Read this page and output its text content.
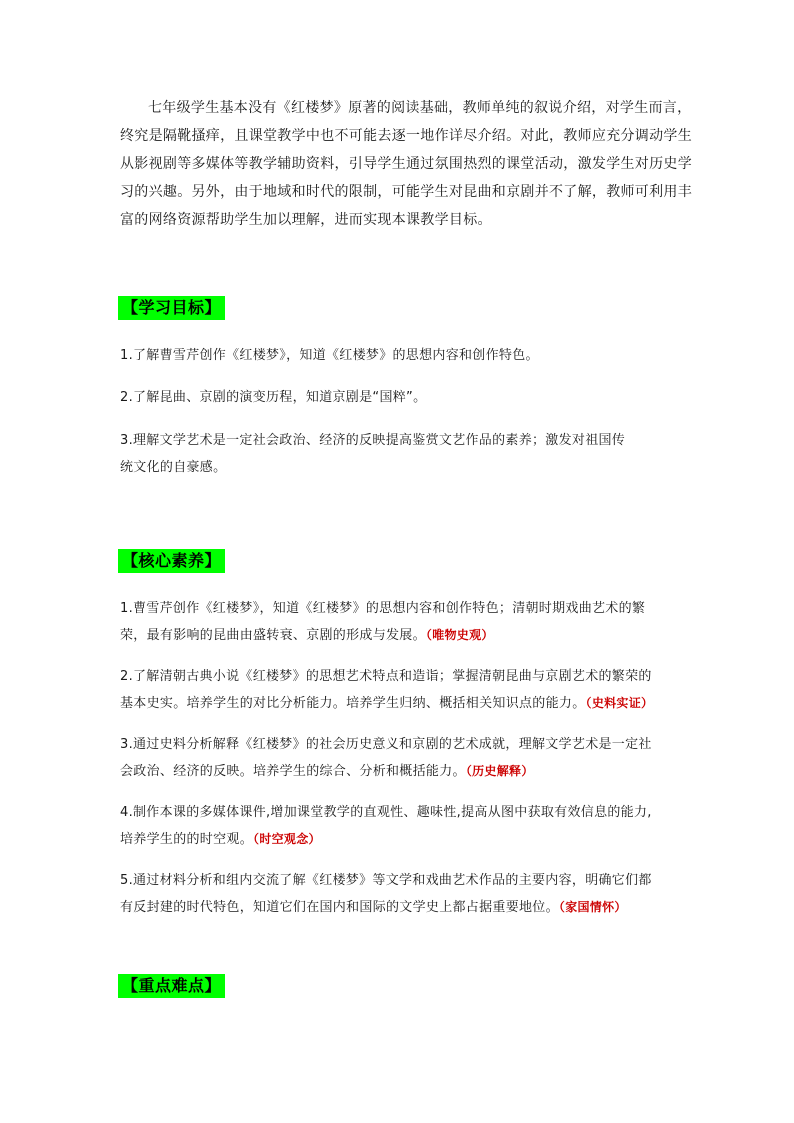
七年级学生基本没有《红楼梦》原著的阅读基础，教师单纯的叙说介绍，对学生而言，
终究是隔靴搔痒，且课堂教学中也不可能去逐一地作详尽介绍。对此，教师应充分调动学生
从影视剧等多媒体等教学辅助资料，引导学生通过氛围热烈的课堂活动，激发学生对历史学
习的兴趣。另外，由于地域和时代的限制，可能学生对昆曲和京剧并不了解，教师可利用丰
富的网络资源帮助学生加以理解，进而实现本课教学目标。
【学习目标】
1.了解曹雪芹创作《红楼梦》，知道《红楼梦》的思想内容和创作特色。
2.了解昆曲、京剧的演变历程，知道京剧是“国粹”。
3.理解文学艺术是一定社会政治、经济的反映提高鉴赏文艺作品的素养；激发对祖国传
统文化的自豪感。
【核心素养】
1.曹雪芹创作《红楼梦》，知道《红楼梦》的思想内容和创作特色；清朝时期戏曲艺术的繁
荣，最有影响的昆曲由盛转衰、京剧的形成与发展。（唯物史观）
2.了解清朝古典小说《红楼梦》的思想艺术特点和造诣；掌握清朝昆曲与京剧艺术的繁荣的
基本史实。培养学生的对比分析能力。培养学生归纳、概括相关知识点的能力。（史料实证）
3.通过史料分析解释《红楼梦》的社会历史意义和京剧的艺术成就，理解文学艺术是一定社
会政治、经济的反映。培养学生的综合、分析和概括能力。（历史解释）
4.制作本课的多媒体课件,增加课堂教学的直观性、趣味性,提高从图中获取有效信息的能力,
培养学生的的时空观。（时空观念）
5.通过材料分析和组内交流了解《红楼梦》等文学和戏曲艺术作品的主要内容，明确它们都
有反封建的时代特色，知道它们在国内和国际的文学史上都占据重要地位。（家国情怀）
【重点难点】
